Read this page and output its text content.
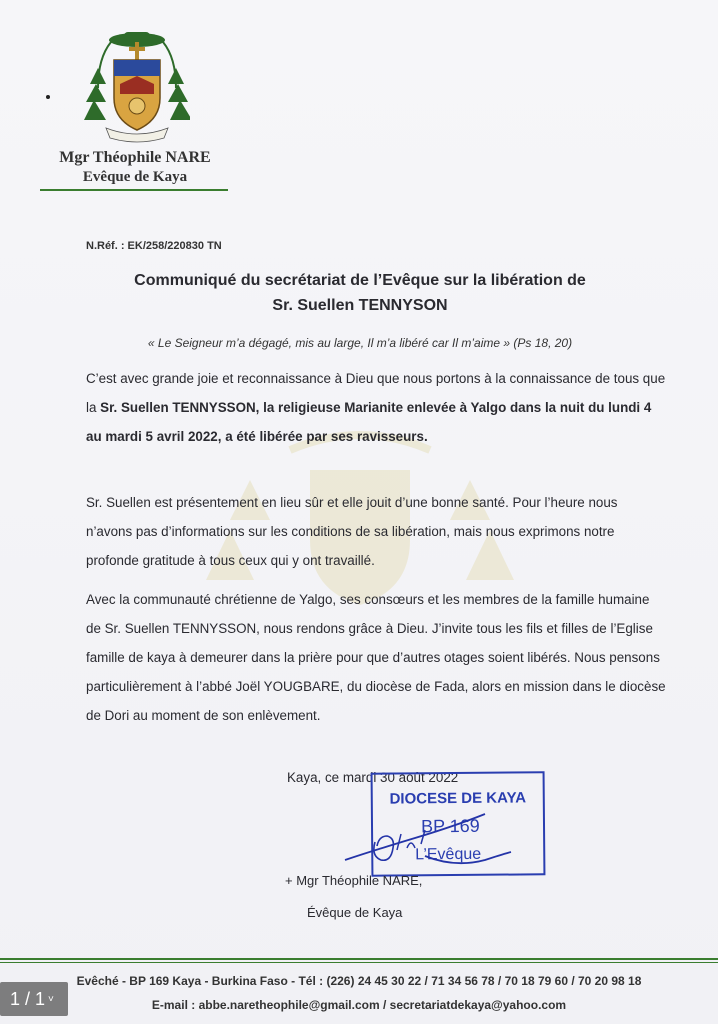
Mgr Théophile NARE
Evêque de Kaya
N.Réf. : EK/258/220830 TN
Communiqué du secrétariat de l’Evêque sur la libération de
Sr. Suellen TENNYSON
« Le Seigneur m’a dégagé, mis au large, Il m’a libéré car Il m’aime » (Ps 18, 20)

C’est avec grande joie et reconnaissance à Dieu que nous portons à la connaissance de tous que la Sr. Suellen TENNYSSON, la religieuse Marianite enlevée à Yalgo dans la nuit du lundi 4 au mardi 5 avril 2022, a été libérée par ses ravisseurs.

Sr. Suellen est présentement en lieu sûr et elle jouit d’une bonne santé. Pour l’heure nous n’avons pas d’informations sur les conditions de sa libération, mais nous exprimons notre profonde gratitude à tous ceux qui y ont travaillé.

Avec la communauté chrétienne de Yalgo, ses consœurs et les membres de la famille humaine de Sr. Suellen TENNYSSON, nous rendons grâce à Dieu. J’invite tous les fils et filles de l’Eglise famille de kaya à demeurer dans la prière pour que d’autres otages soient libérés. Nous pensons particulièrement à l’abbé Joël YOUGBARE, du diocèse de Fada, alors en mission dans le diocèse de Dori au moment de son enlèvement.

Kaya, ce mardi 30 août 2022
DIOCESE DE KAYA
BP 169
L’Evêque
+ Mgr Théophile NARE,
Évêque de Kaya
Evêché - BP 169 Kaya - Burkina Faso - Tél : (226) 24 45 30 22 / 71 34 56 78 / 70 18 79 60 / 70 20 98 18
E-mail : abbe.naretheophile@gmail.com / secretariatdekaya@yahoo.com
1 / 1 ˅
